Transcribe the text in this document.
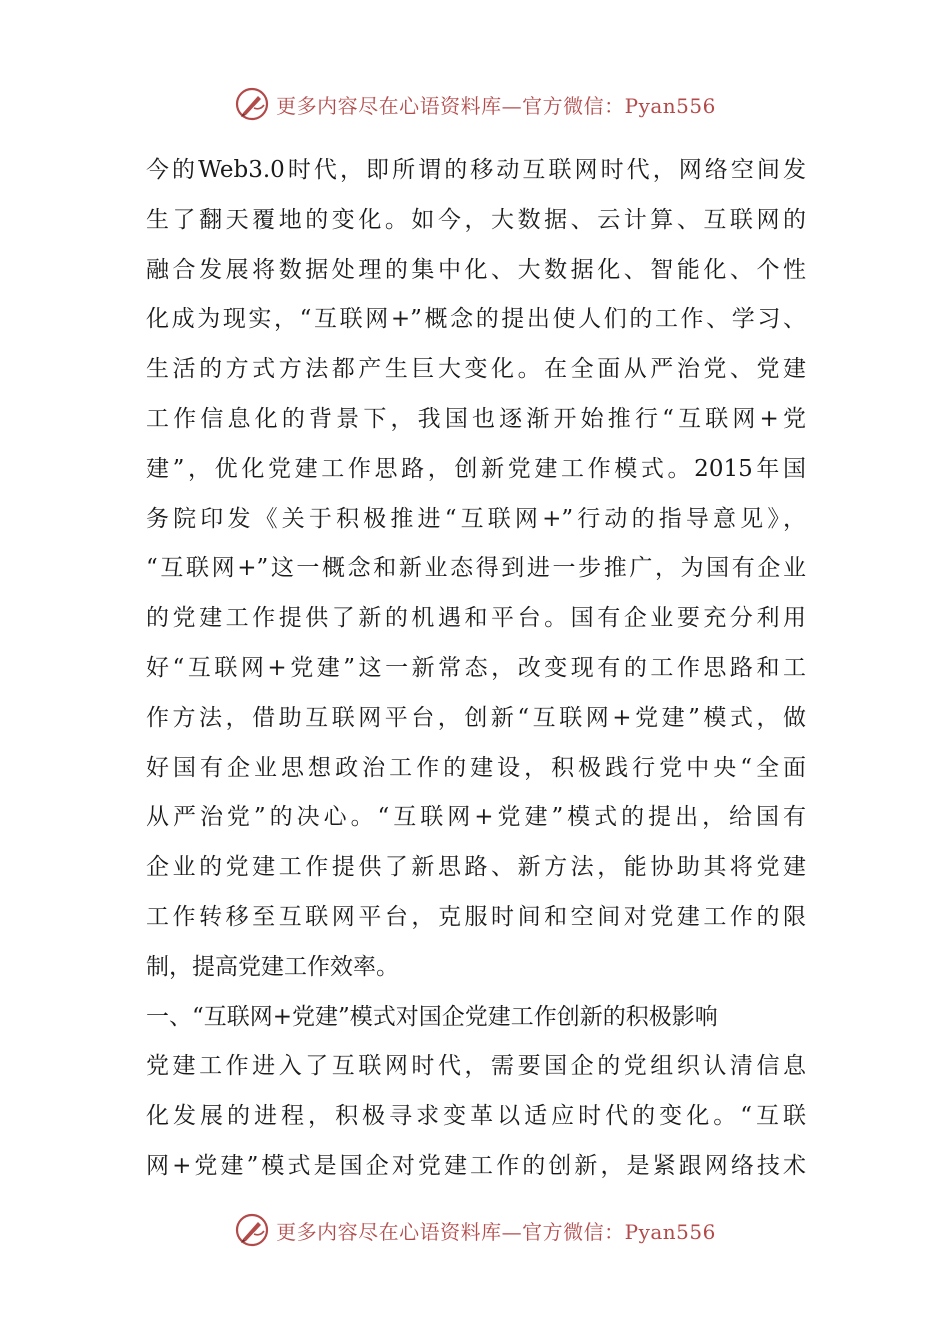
更多内容尽在心语资料库—官方微信：Pyan556
今的Web3.0时代，即所谓的移动互联网时代，网络空间发
生了翻天覆地的变化。如今，大数据、云计算、互联网的
融合发展将数据处理的集中化、大数据化、智能化、个性
化成为现实，“互联网+”概念的提出使人们的工作、学习、
生活的方式方法都产生巨大变化。在全面从严治党、党建
工作信息化的背景下，我国也逐渐开始推行“互联网+党
建”，优化党建工作思路，创新党建工作模式。2015年国
务院印发《关于积极推进“互联网+”行动的指导意见》，
“互联网+”这一概念和新业态得到进一步推广，为国有企业
的党建工作提供了新的机遇和平台。国有企业要充分利用
好“互联网+党建”这一新常态，改变现有的工作思路和工
作方法，借助互联网平台，创新“互联网+党建”模式，做
好国有企业思想政治工作的建设，积极践行党中央“全面
从严治党”的决心。“互联网+党建”模式的提出，给国有
企业的党建工作提供了新思路、新方法，能协助其将党建
工作转移至互联网平台，克服时间和空间对党建工作的限
制，提高党建工作效率。
一、“互联网+党建”模式对国企党建工作创新的积极影响
党建工作进入了互联网时代，需要国企的党组织认清信息
化发展的进程，积极寻求变革以适应时代的变化。“互联
网+党建”模式是国企对党建工作的创新，是紧跟网络技术
更多内容尽在心语资料库—官方微信：Pyan556
